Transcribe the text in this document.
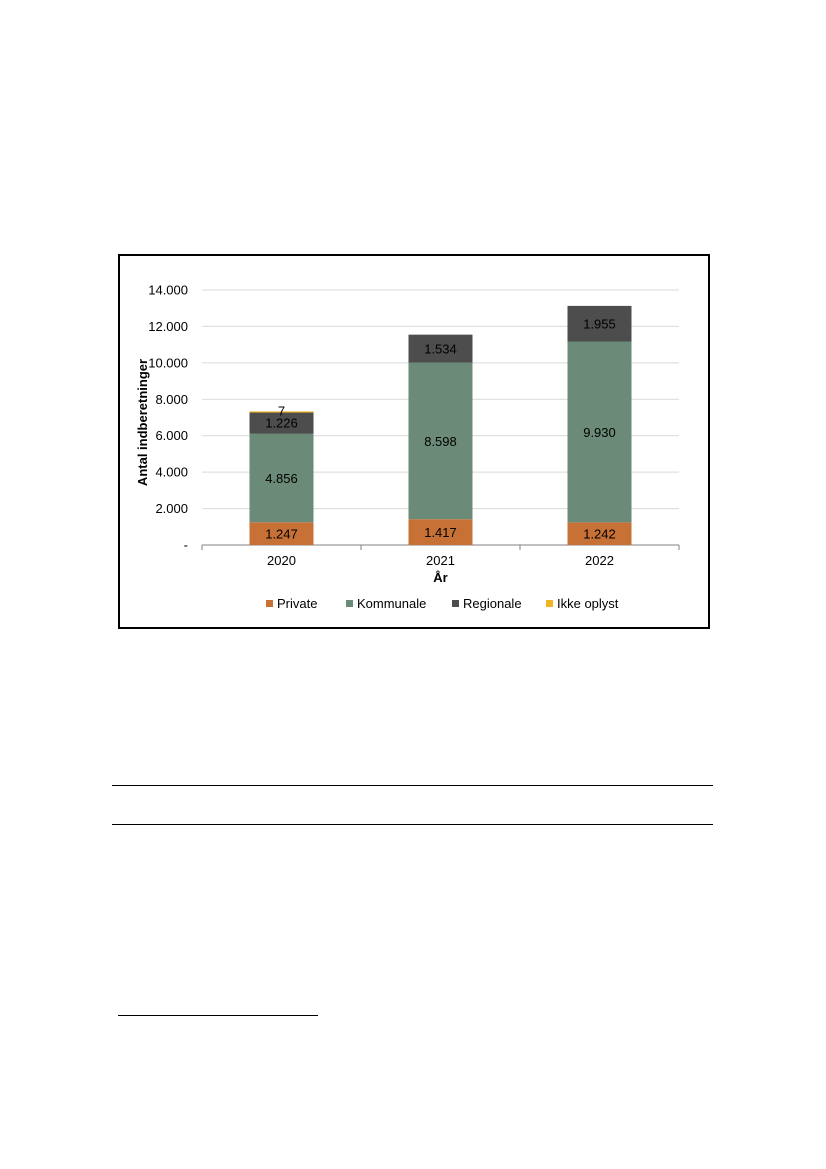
-
2.000
4.000
6.000
8.000
10.000
12.000
14.000
1.247
4.856
1.226
7
2020
1.417
8.598
1.534
2021
1.242
9.930
1.955
2022
År
Antal indberetninger
Private	Kommunale	Regionale	Ikke oplyst
